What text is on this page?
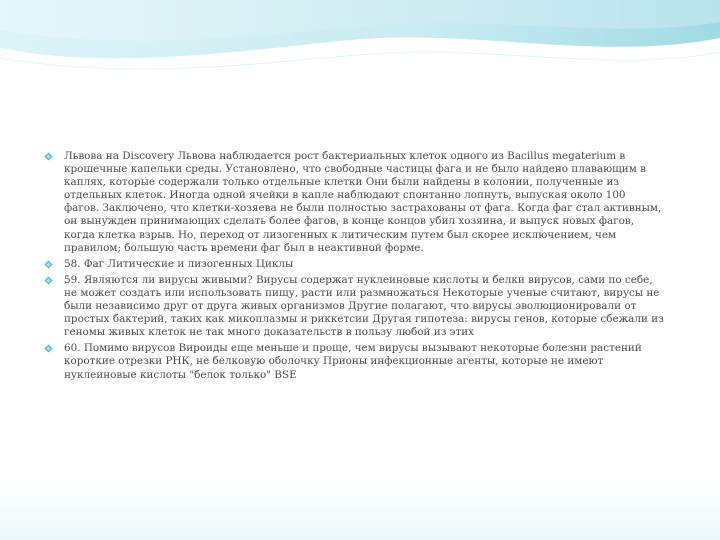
Львова на Discovery Львова наблюдается рост бактериальных клеток одного из Bacillus megaterium в крошечные капельки среды. Установлено, что свободные частицы фага и не было найдено плавающим в каплях, которые содержали только отдельные клетки Они были найдены в колонии, полученные из отдельных клеток. Иногда одной ячейки в капле наблюдают спонтанно лопнуть, выпуская около 100 фагов. Заключено, что клетки-хозяева не были полностью застрахованы от фага. Когда фаг стал активным, он вынужден принимающих сделать более фагов, в конце концов убил хозяина, и выпуск новых фагов, когда клетка взрыв. Но, переход от лизогенных к литическим путем был скорее исключением, чем правилом; большую часть времени фаг был в неактивной форме.
58. Фаг Литические и лизогенных Циклы
59. Являются ли вирусы живыми? Вирусы содержат нуклеиновые кислоты и белки вирусов, сами по себе, не может создать или использовать пищу, расти или размножаться Некоторые ученые считают, вирусы не были независимо друг от друга живых организмов Другие полагают, что вирусы эволюционировали от простых бактерий, таких как микоплазмы и риккетсии Другая гипотеза: вирусы генов, которые сбежали из геномы живых клеток не так много доказательств в пользу любой из этих
60. Помимо вирусов Вироиды еще меньше и проще, чем вирусы вызывают некоторые болезни растений короткие отрезки РНК, не белковую оболочку Прионы инфекционные агенты, которые не имеют нуклеиновые кислоты "белок только" BSE
